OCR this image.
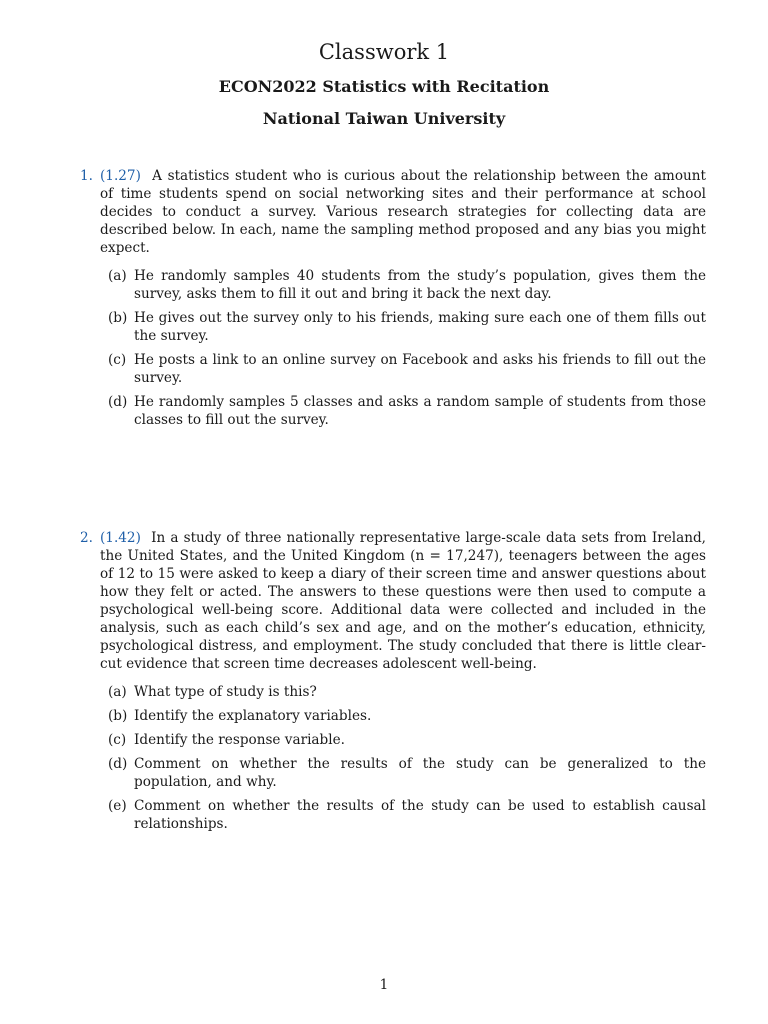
Classwork 1
ECON2022 Statistics with Recitation
National Taiwan University
1. (1.27) A statistics student who is curious about the relationship between the amount of time students spend on social networking sites and their performance at school decides to conduct a survey. Various research strategies for collecting data are described below. In each, name the sampling method proposed and any bias you might expect.
(a) He randomly samples 40 students from the study’s population, gives them the survey, asks them to fill it out and bring it back the next day.
(b) He gives out the survey only to his friends, making sure each one of them fills out the survey.
(c) He posts a link to an online survey on Facebook and asks his friends to fill out the survey.
(d) He randomly samples 5 classes and asks a random sample of students from those classes to fill out the survey.
2. (1.42) In a study of three nationally representative large-scale data sets from Ireland, the United States, and the United Kingdom (n = 17,247), teenagers between the ages of 12 to 15 were asked to keep a diary of their screen time and answer questions about how they felt or acted. The answers to these questions were then used to compute a psychological well-being score. Additional data were collected and included in the analysis, such as each child’s sex and age, and on the mother’s education, ethnicity, psychological distress, and employment. The study concluded that there is little clear-cut evidence that screen time decreases adolescent well-being.
(a) What type of study is this?
(b) Identify the explanatory variables.
(c) Identify the response variable.
(d) Comment on whether the results of the study can be generalized to the population, and why.
(e) Comment on whether the results of the study can be used to establish causal relationships.
1
